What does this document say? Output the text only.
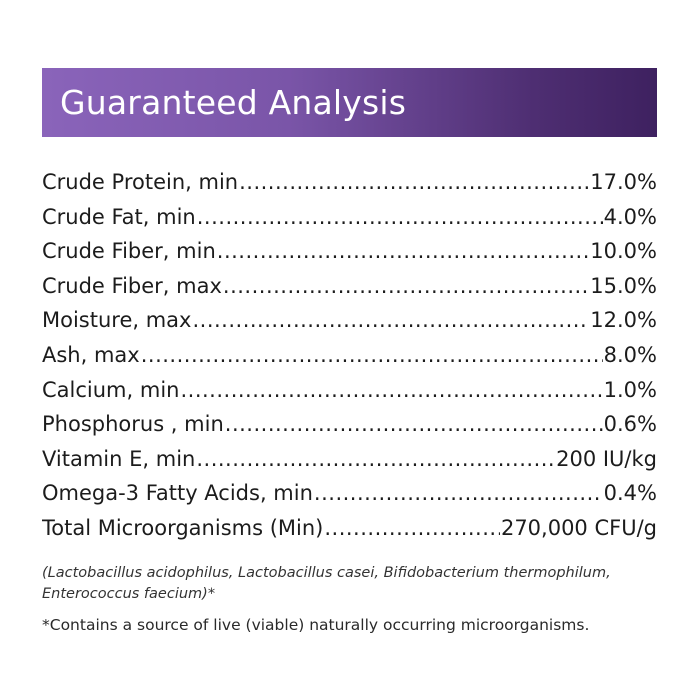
Guaranteed Analysis
Crude Protein, min .....	17.0%
Crude Fat, min .....	4.0%
Crude Fiber, min .....	10.0%
Crude Fiber, max .....	15.0%
Moisture, max .....	12.0%
Ash, max .....	8.0%
Calcium, min .....	1.0%
Phosphorus , min .....	0.6%
Vitamin E, min .....	200 IU/kg
Omega-3 Fatty Acids, min .....	0.4%
Total Microorganisms (Min) .....	270,000 CFU/g
(Lactobacillus acidophilus, Lactobacillus casei, Bifidobacterium thermophilum, Enterococcus faecium)*
*Contains a source of live (viable) naturally occurring microorganisms.
